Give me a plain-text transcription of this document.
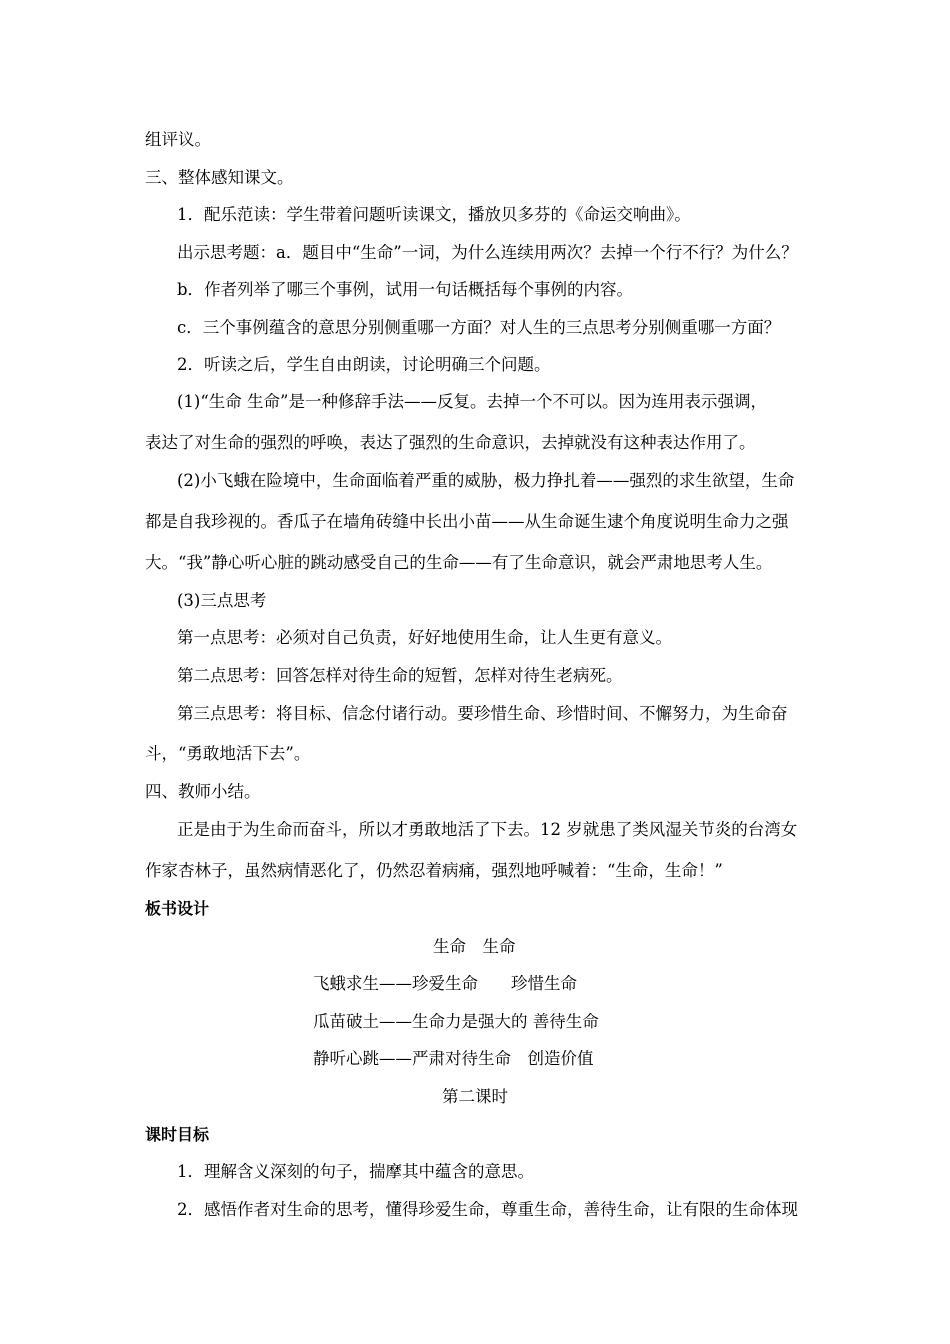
组评议。
三、整体感知课文。
1．配乐范读：学生带着问题听读课文，播放贝多芬的《命运交响曲》。
出示思考题：a．题目中“生命”一词，为什么连续用两次？去掉一个行不行？为什么？
b．作者列举了哪三个事例，试用一句话概括每个事例的内容。
c．三个事例蕴含的意思分别侧重哪一方面？对人生的三点思考分别侧重哪一方面？
2．听读之后，学生自由朗读，讨论明确三个问题。
(1)“生命 生命”是一种修辞手法——反复。去掉一个不可以。因为连用表示强调，
表达了对生命的强烈的呼唤，表达了强烈的生命意识，去掉就没有这种表达作用了。
(2)小飞蛾在险境中，生命面临着严重的威胁，极力挣扎着——强烈的求生欲望，生命
都是自我珍视的。香瓜子在墙角砖缝中长出小苗——从生命诞生逮个角度说明生命力之强
大。“我”静心听心脏的跳动感受自己的生命——有了生命意识，就会严肃地思考人生。
(3)三点思考
第一点思考：必须对自己负责，好好地使用生命，让人生更有意义。
第二点思考：回答怎样对待生命的短暂，怎样对待生老病死。
第三点思考：将目标、信念付诸行动。要珍惜生命、珍惜时间、不懈努力，为生命奋
斗，“勇敢地活下去”。
四、教师小结。
正是由于为生命而奋斗，所以才勇敢地活了下去。12 岁就患了类风湿关节炎的台湾女
作家杏林子，虽然病情恶化了，仍然忍着病痛，强烈地呼喊着：“生命，生命！”
板书设计
生命　生命
飞蛾求生——珍爱生命　　珍惜生命
瓜苗破土——生命力是强大的 善待生命
静听心跳——严肃对待生命　创造价值
第二课时
课时目标
1．理解含义深刻的句子，揣摩其中蕴含的意思。
2．感悟作者对生命的思考，懂得珍爱生命，尊重生命，善待生命，让有限的生命体现
